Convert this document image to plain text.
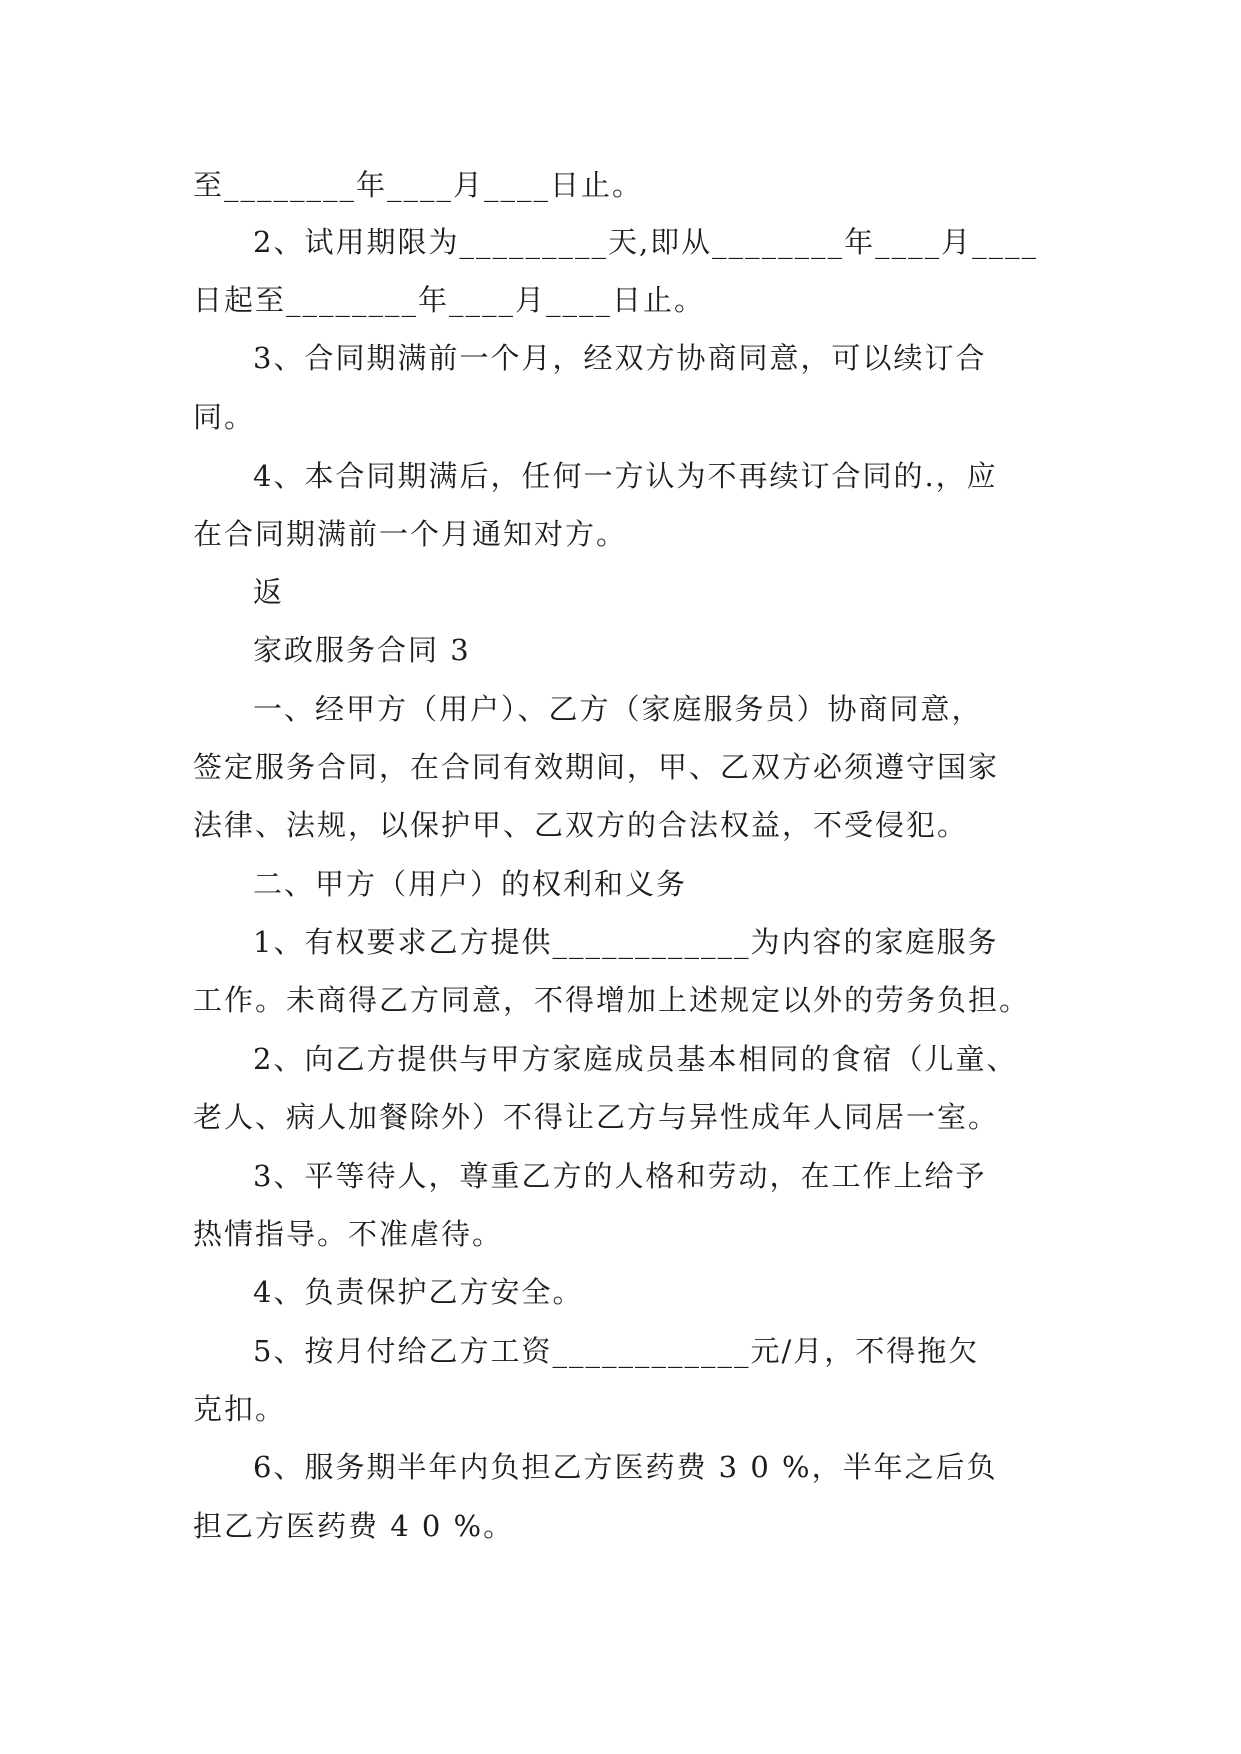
至________年____月____日止。
2、试用期限为_________天,即从________年____月____
日起至________年____月____日止。
3、合同期满前一个月，经双方协商同意，可以续订合
同。
4、本合同期满后，任何一方认为不再续订合同的.，应
在合同期满前一个月通知对方。
返
家政服务合同 3
一、经甲方（用户）、乙方（家庭服务员）协商同意，
签定服务合同，在合同有效期间，甲、乙双方必须遵守国家
法律、法规，以保护甲、乙双方的合法权益，不受侵犯。
二、甲方（用户）的权利和义务
1、有权要求乙方提供____________为内容的家庭服务
工作。未商得乙方同意，不得增加上述规定以外的劳务负担。
2、向乙方提供与甲方家庭成员基本相同的食宿（儿童、
老人、病人加餐除外）不得让乙方与异性成年人同居一室。
3、平等待人，尊重乙方的人格和劳动，在工作上给予
热情指导。不准虐待。
4、负责保护乙方安全。
5、按月付给乙方工资____________元/月，不得拖欠
克扣。
6、服务期半年内负担乙方医药费 3 0 %，半年之后负
担乙方医药费 4 0 %。
